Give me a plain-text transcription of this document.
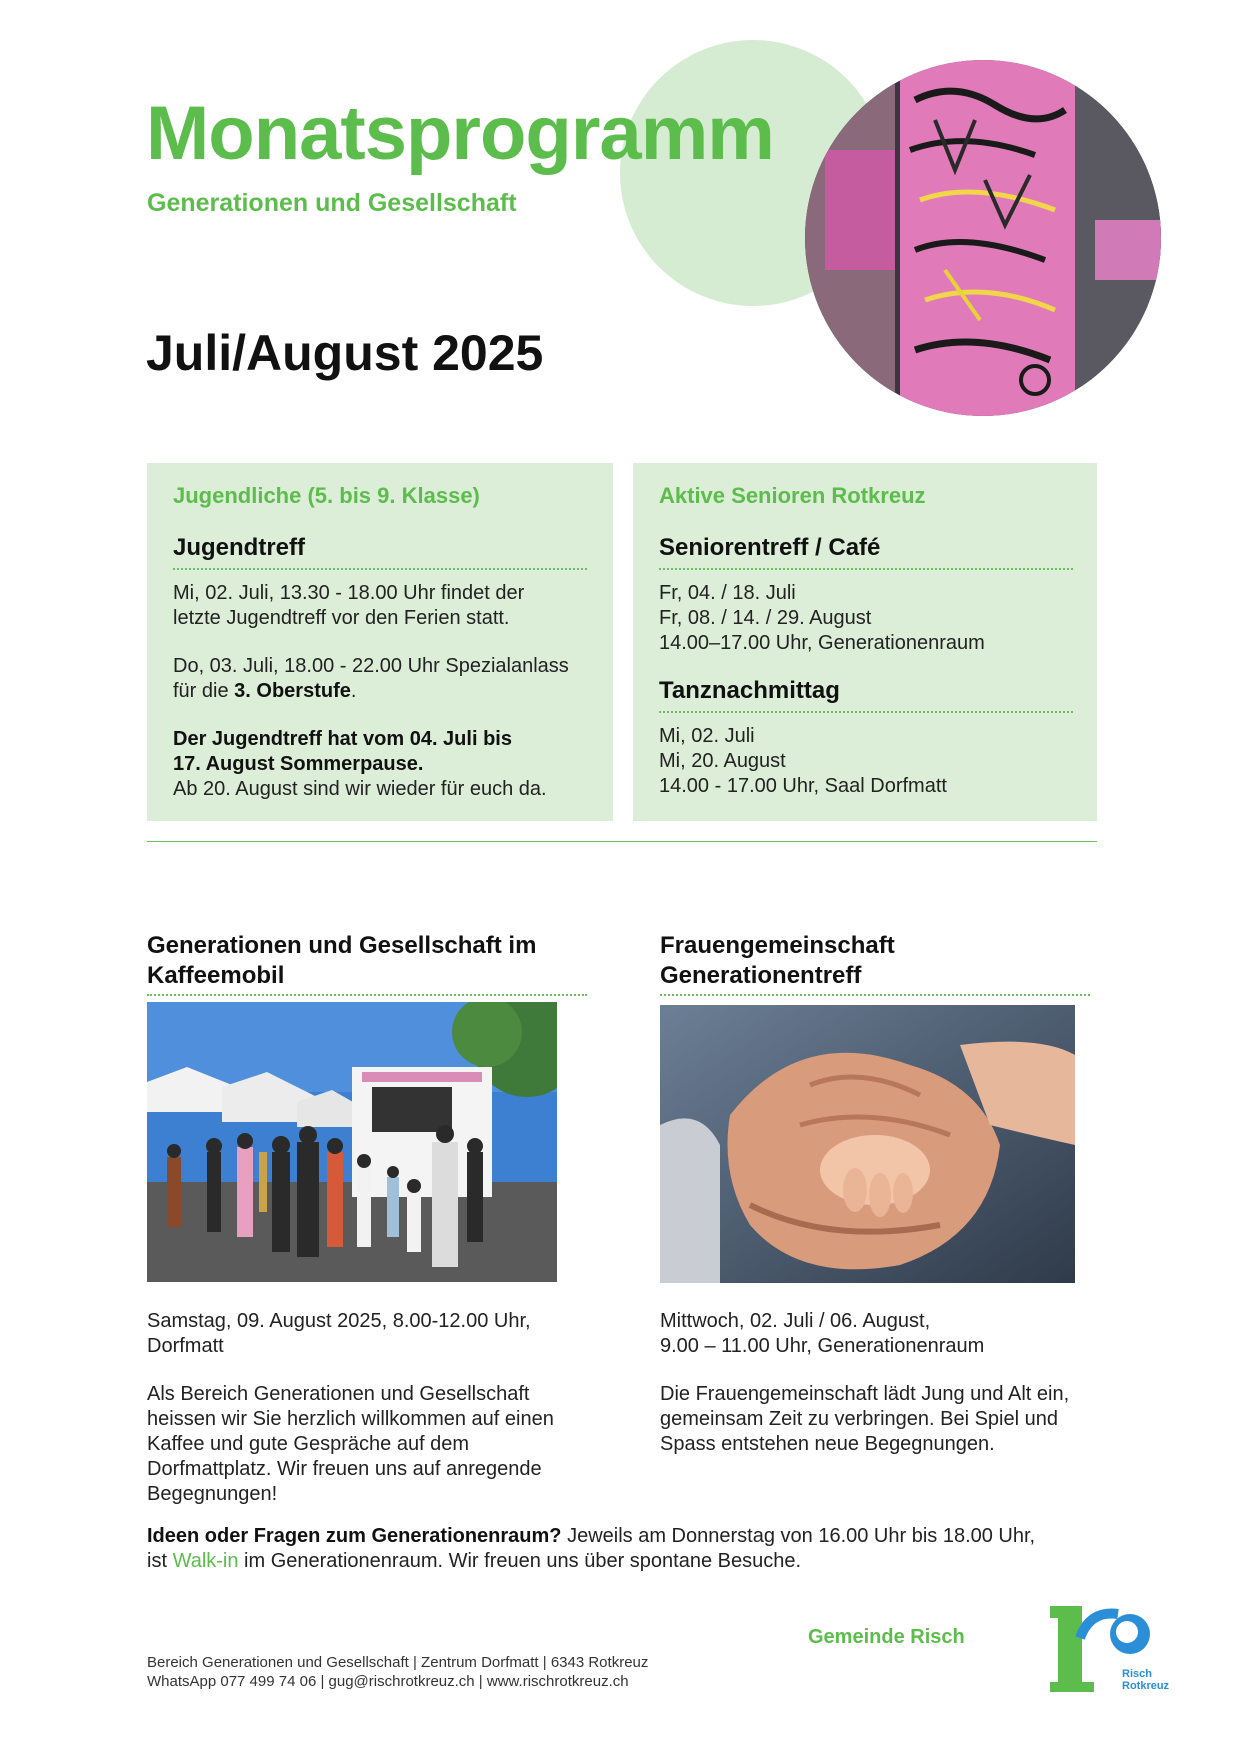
Monatsprogramm
Generationen und Gesellschaft
Juli/August 2025
Jugendliche (5. bis 9. Klasse)
Jugendtreff
Mi, 02. Juli, 13.30 - 18.00 Uhr findet der
letzte Jugendtreff vor den Ferien statt.
Do, 03. Juli, 18.00 - 22.00 Uhr Spezialanlass
für die 3. Oberstufe.
Der Jugendtreff hat vom 04. Juli bis
17. August Sommerpause.
Ab 20. August sind wir wieder für euch da.
Aktive Senioren Rotkreuz
Seniorentreff / Café
Fr, 04. / 18. Juli
Fr, 08. / 14. / 29. August
14.00–17.00 Uhr, Generationenraum
Tanznachmittag
Mi, 02. Juli
Mi, 20. August
14.00 - 17.00 Uhr, Saal Dorfmatt
Generationen und Gesellschaft im
Kaffeemobil
Samstag, 09. August 2025, 8.00-12.00 Uhr,
Dorfmatt
Als Bereich Generationen und Gesellschaft
heissen wir Sie herzlich willkommen auf einen
Kaffee und gute Gespräche auf dem
Dorfmattplatz. Wir freuen uns auf anregende
Begegnungen!
Frauengemeinschaft
Generationentreff
Mittwoch, 02. Juli / 06. August,
9.00 – 11.00 Uhr, Generationenraum
Die Frauengemeinschaft lädt Jung und Alt ein,
gemeinsam Zeit zu verbringen. Bei Spiel und
Spass entstehen neue Begegnungen.
Ideen oder Fragen zum Generationenraum? Jeweils am Donnerstag von 16.00 Uhr bis 18.00 Uhr,
ist Walk-in im Generationenraum. Wir freuen uns über spontane Besuche.
Gemeinde Risch
Bereich Generationen und Gesellschaft | Zentrum Dorfmatt | 6343 Rotkreuz
WhatsApp 077 499 74 06 | gug@rischrotkreuz.ch | www.rischrotkreuz.ch	Risch
Rotkreuz
